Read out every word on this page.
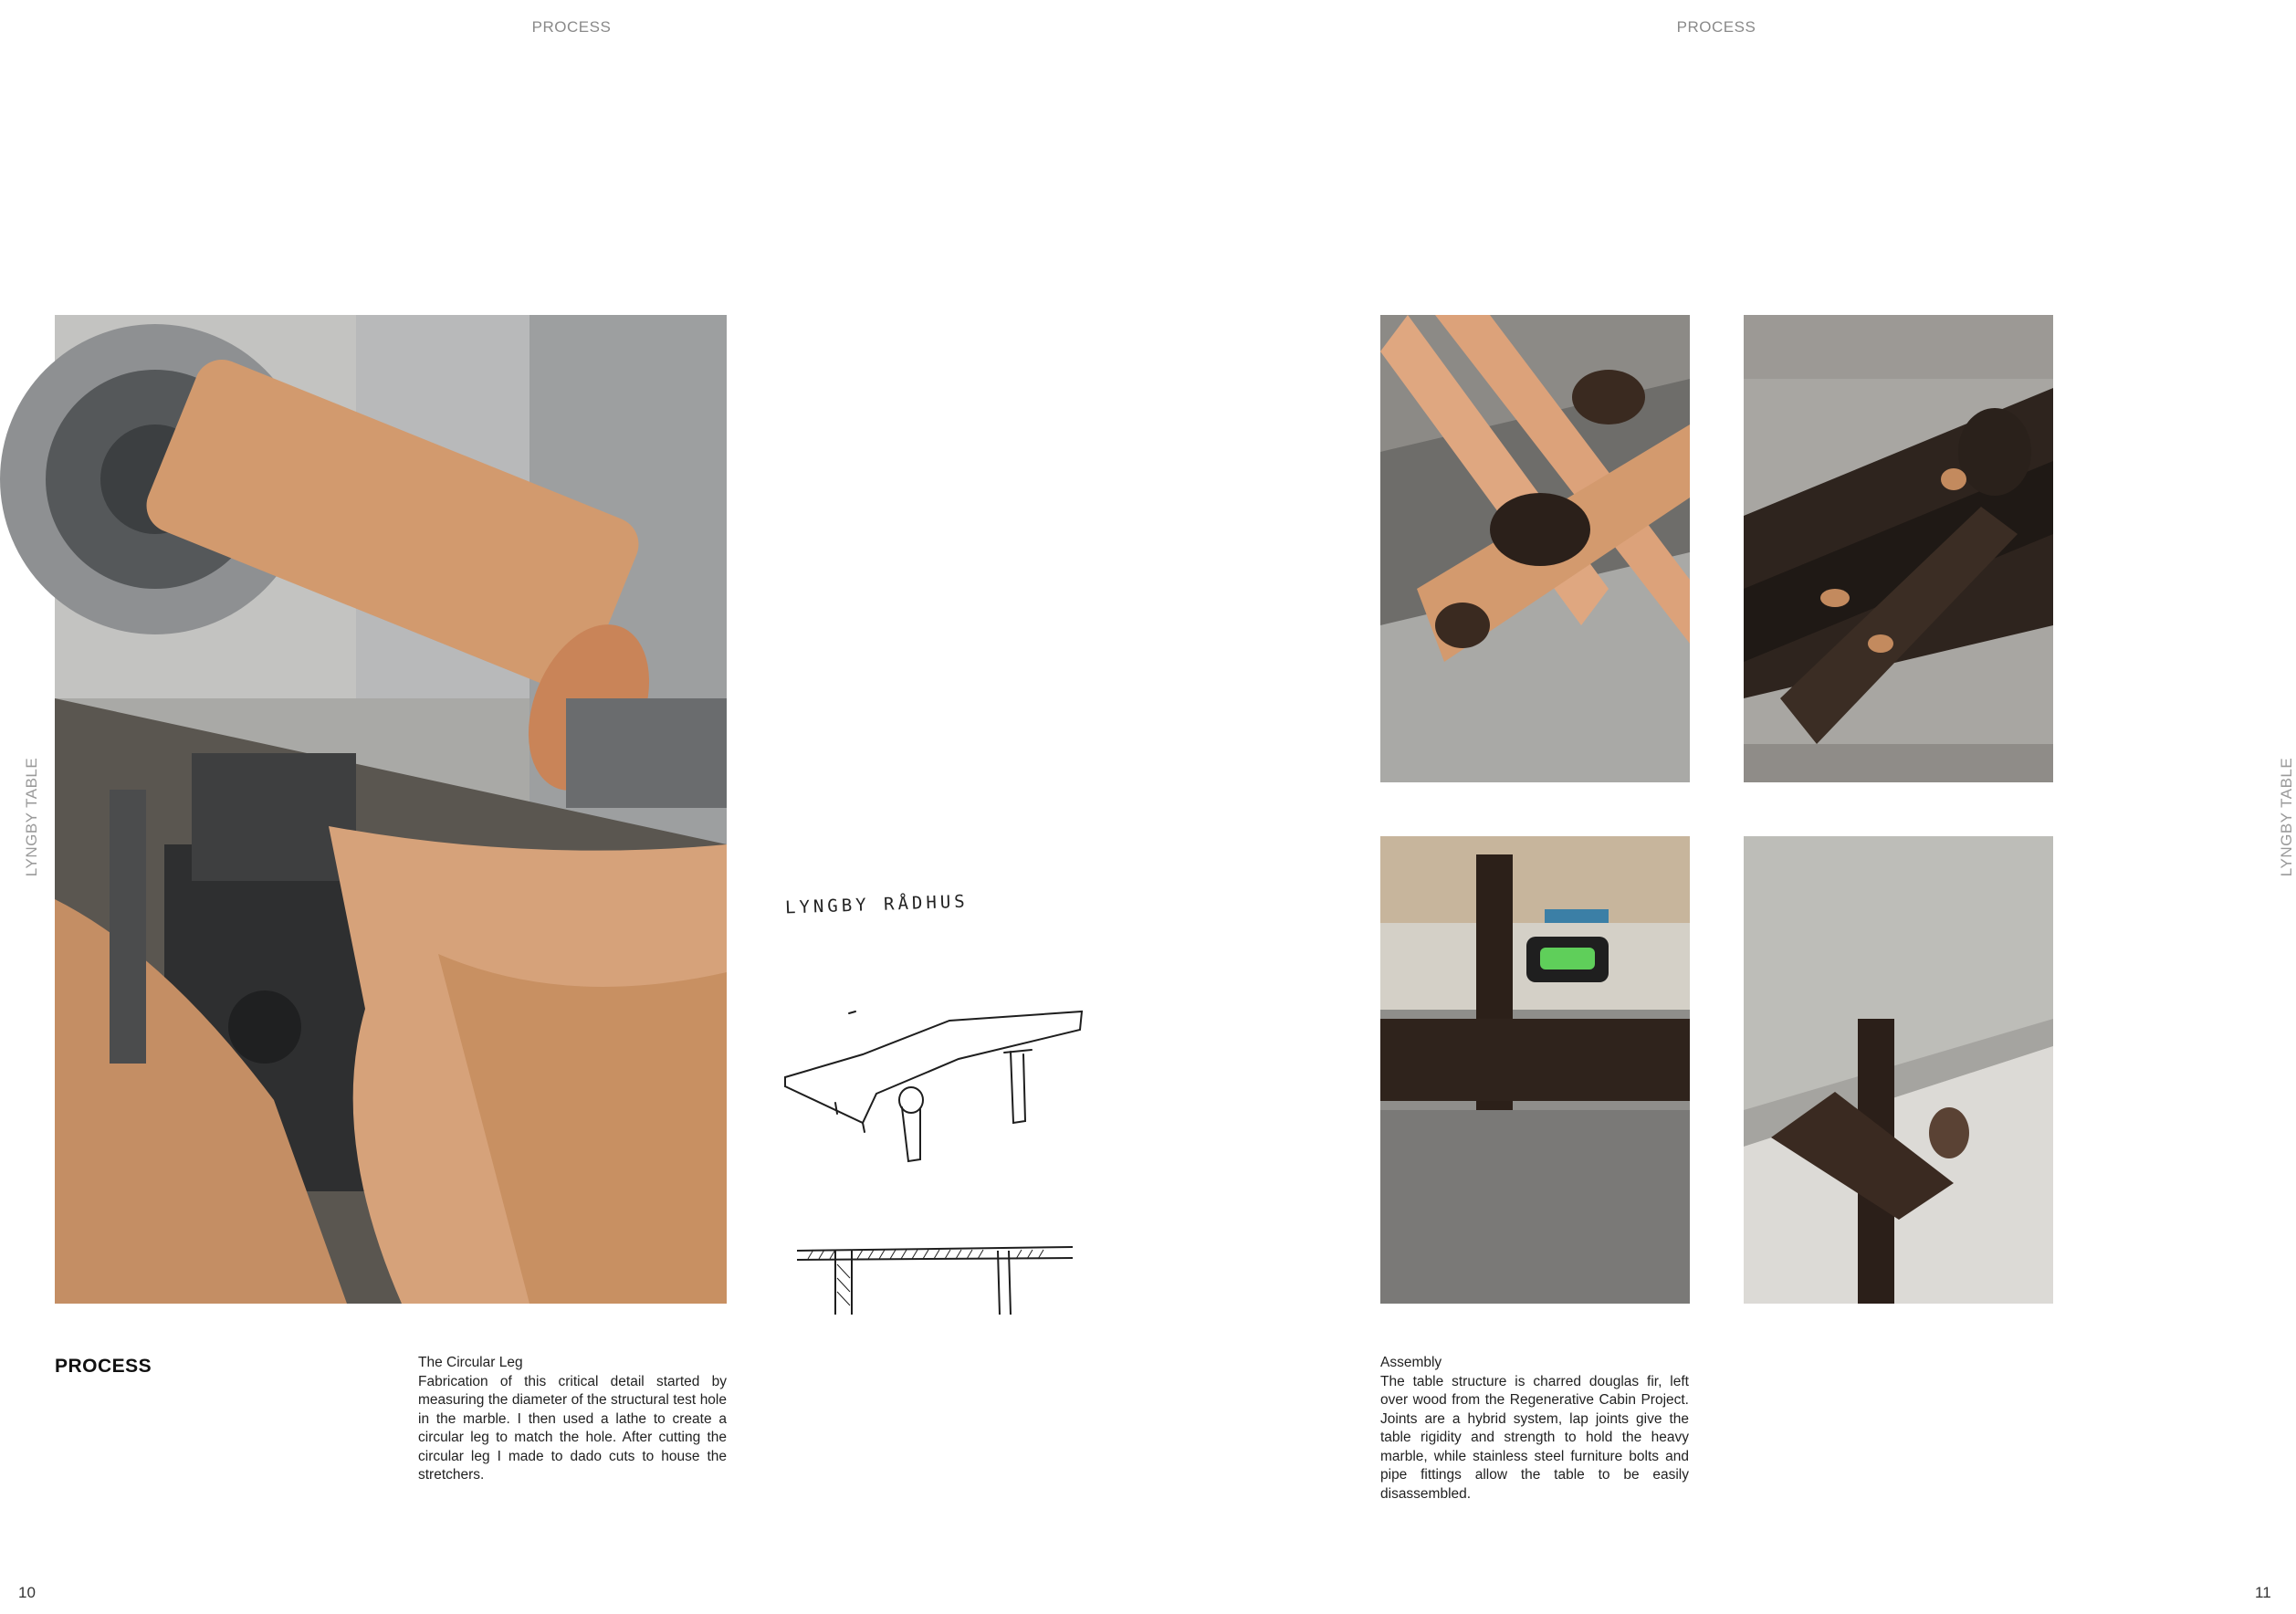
PROCESS	PROCESS
LYNGBY TABLE	LYNGBY TABLE
LYNGBY RÅDHUS
PROCESS	The Circular Leg
Fabrication of this critical detail started by measuring the diameter of the structural test hole in the marble. I then used a lathe to create a circular leg to match the hole. After cutting the circular leg I made to dado cuts to house the stretchers.
10
Assembly
The table structure is charred douglas fir, left over wood from the Regenerative Cabin Project. Joints are a hybrid system, lap joints give the table rigidity and strength to hold the heavy marble, while stainless steel furniture bolts and pipe fittings allow the table to be easily disassembled.
11
